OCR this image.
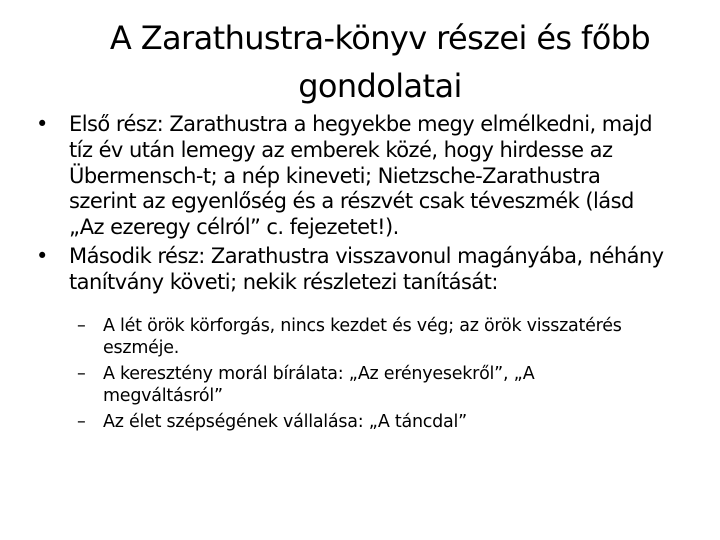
A Zarathustra-könyv részei és főbb gondolatai

• Első rész: Zarathustra a hegyekbe megy elmélkedni, majd tíz év után lemegy az emberek közé, hogy hirdesse az Übermensch-t; a nép kineveti; Nietzsche-Zarathustra szerint az egyenlőség és a részvét csak téveszmék (lásd „Az ezeregy célról” c. fejezetet!).

• Második rész: Zarathustra visszavonul magányába, néhány tanítvány követi; nekik részletezi tanítását:

– A lét örök körforgás, nincs kezdet és vég; az örök visszatérés eszméje.

– A keresztény morál bírálata: „Az erényesekről”, „A megváltásról”

– Az élet szépségének vállalása: „A táncdal”
